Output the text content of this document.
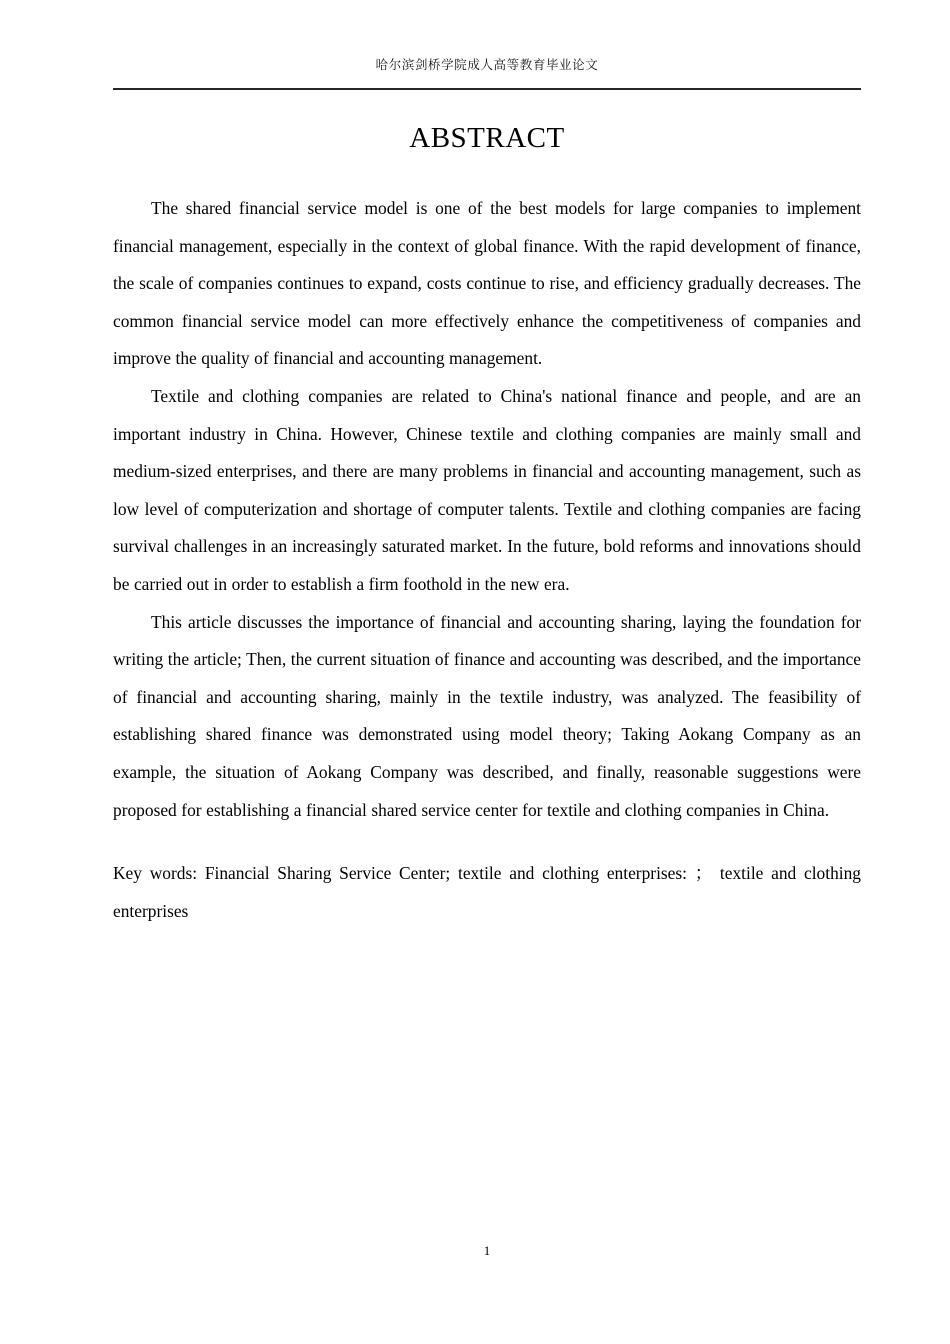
哈尔滨剑桥学院成人高等教育毕业论文
ABSTRACT

The shared financial service model is one of the best models for large companies to implement financial management, especially in the context of global finance. With the rapid development of finance, the scale of companies continues to expand, costs continue to rise, and efficiency gradually decreases. The common financial service model can more effectively enhance the competitiveness of companies and improve the quality of financial and accounting management.

Textile and clothing companies are related to China's national finance and people, and are an important industry in China. However, Chinese textile and clothing companies are mainly small and medium-sized enterprises, and there are many problems in financial and accounting management, such as low level of computerization and shortage of computer talents. Textile and clothing companies are facing survival challenges in an increasingly saturated market. In the future, bold reforms and innovations should be carried out in order to establish a firm foothold in the new era.

This article discusses the importance of financial and accounting sharing, laying the foundation for writing the article; Then, the current situation of finance and accounting was described, and the importance of financial and accounting sharing, mainly in the textile industry, was analyzed. The feasibility of establishing shared finance was demonstrated using model theory; Taking Aokang Company as an example, the situation of Aokang Company was described, and finally, reasonable suggestions were proposed for establishing a financial shared service center for textile and clothing companies in China.

Key words: Financial Sharing Service Center; textile and clothing enterprises: ； textile and clothing enterprises

1
